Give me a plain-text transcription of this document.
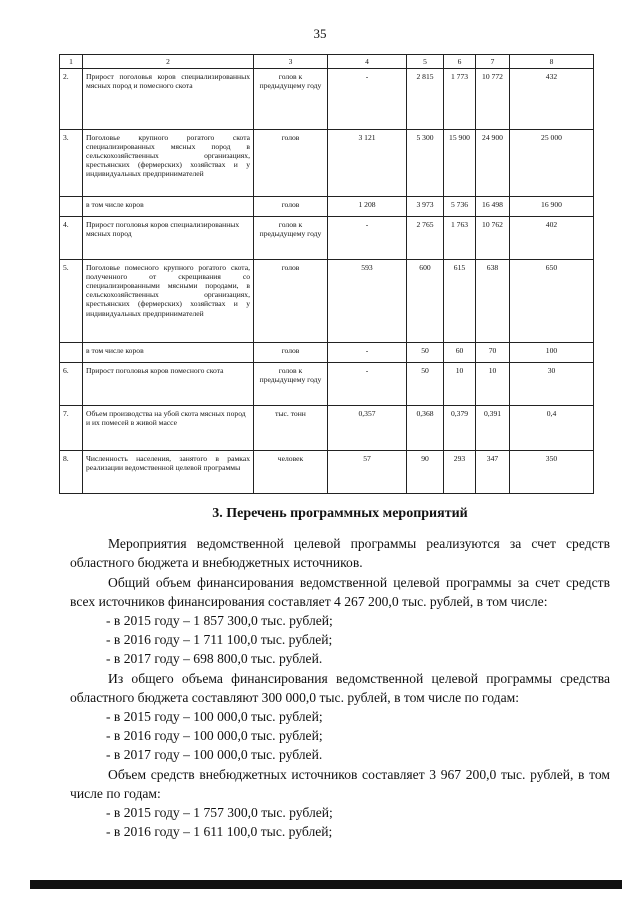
35
1	2	3	4	5	6	7	8
2.	Прирост поголовья коров специализированных мясных пород и помесного скота	голов к предыдущему году	-	2 815	1 773	10 772	432
3.	Поголовье крупного рогатого скота специализированных мясных пород в сельскохозяйственных организациях, крестьянских (фермерских) хозяйствах и у индивидуальных предпринимателей	голов	3 121	5 300	15 900	24 900	25 000
	в том числе коров	голов	1 208	3 973	5 736	16 498	16 900
4.	Прирост поголовья коров специализированных мясных пород	голов к предыдущему году	-	2 765	1 763	10 762	402
5.	Поголовье помесного крупного рогатого скота, полученного от скрещивания со специализированными мясными породами, в сельскохозяйственных организациях, крестьянских (фермерских) хозяйствах и у индивидуальных предпринимателей	голов	593	600	615	638	650
	в том числе коров	голов	-	50	60	70	100
6.	Прирост поголовья коров помесного скота	голов к предыдущему году	-	50	10	10	30
7.	Объем производства на убой скота мясных пород и их помесей в живой массе	тыс. тонн	0,357	0,368	0,379	0,391	0,4
8.	Численность населения, занятого в рамках реализации ведомственной целевой программы	человек	57	90	293	347	350
3. Перечень программных мероприятий

Мероприятия ведомственной целевой программы реализуются за счет средств областного бюджета и внебюджетных источников.

Общий объем финансирования ведомственной целевой программы за счет средств всех источников финансирования составляет 4 267 200,0 тыс. рублей, в том числе:

- в 2015 году – 1 857 300,0 тыс. рублей;

- в 2016 году – 1 711 100,0 тыс. рублей;

- в 2017 году – 698 800,0 тыс. рублей.

Из общего объема финансирования ведомственной целевой программы средства областного бюджета составляют 300 000,0 тыс. рублей, в том числе по годам:

- в 2015 году – 100 000,0 тыс. рублей;

- в 2016 году – 100 000,0 тыс. рублей;

- в 2017 году – 100 000,0 тыс. рублей.

Объем средств внебюджетных источников составляет 3 967 200,0 тыс. рублей, в том числе по годам:

- в 2015 году – 1 757 300,0 тыс. рублей;

- в 2016 году – 1 611 100,0 тыс. рублей;
